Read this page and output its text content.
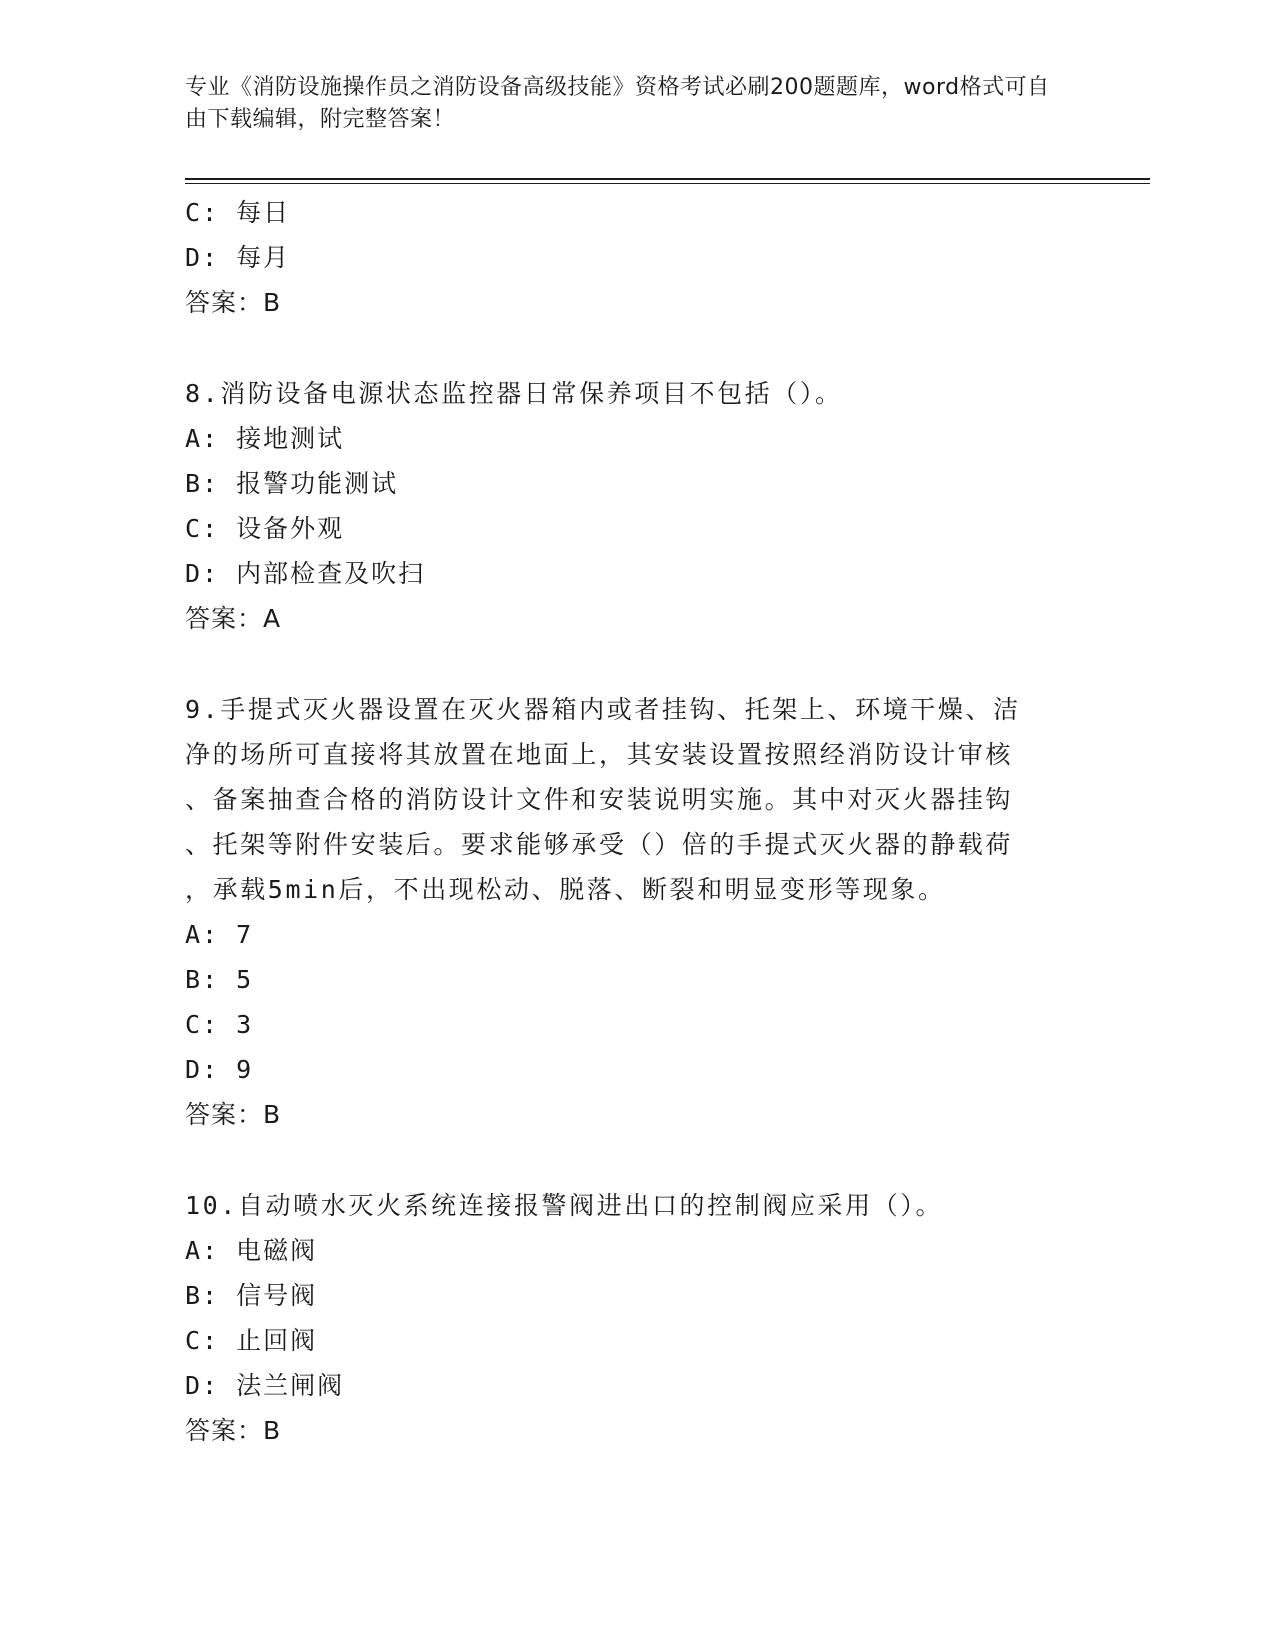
专业《消防设施操作员之消防设备高级技能》资格考试必刷200题题库，word格式可自由下载编辑，附完整答案！
C: 每日
D: 每月
答案：B
8.消防设备电源状态监控器日常保养项目不包括（）。
A: 接地测试
B: 报警功能测试
C: 设备外观
D: 内部检查及吹扫
答案：A
9.手提式灭火器设置在灭火器箱内或者挂钩、托架上、环境干燥、洁
净的场所可直接将其放置在地面上，其安装设置按照经消防设计审核
、备案抽查合格的消防设计文件和安装说明实施。其中对灭火器挂钩
、托架等附件安装后。要求能够承受（）倍的手提式灭火器的静载荷
，承载5min后，不出现松动、脱落、断裂和明显变形等现象。
A: 7
B: 5
C: 3
D: 9
答案：B
10.自动喷水灭火系统连接报警阀进出口的控制阀应采用（）。
A: 电磁阀
B: 信号阀
C: 止回阀
D: 法兰闸阀
答案：B
